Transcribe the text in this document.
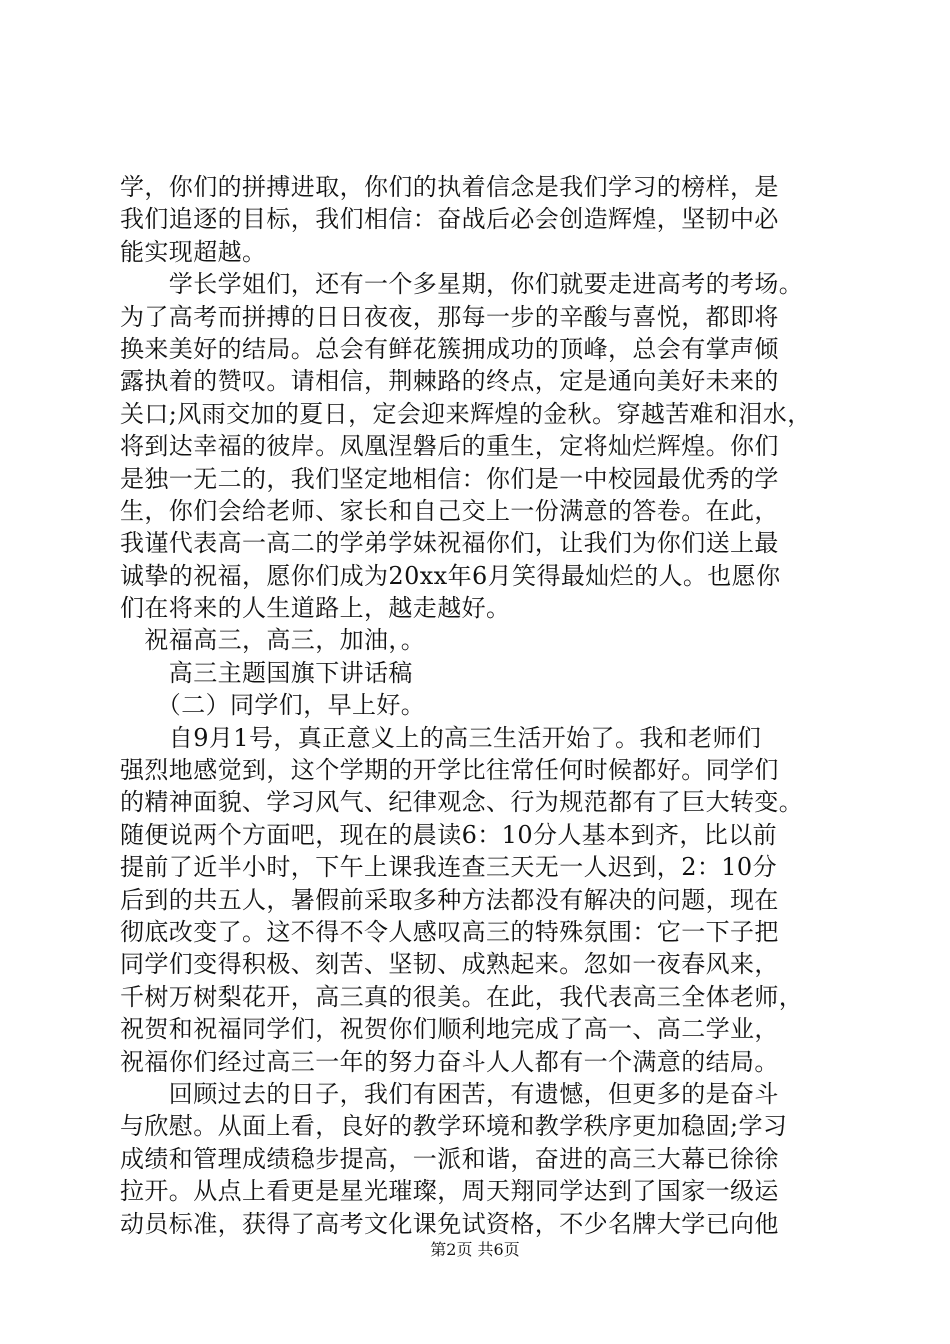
学，你们的拼搏进取，你们的执着信念是我们学习的榜样，是
我们追逐的目标，我们相信：奋战后必会创造辉煌，坚韧中必
能实现超越。
　　学长学姐们，还有一个多星期，你们就要走进高考的考场。
为了高考而拼搏的日日夜夜，那每一步的辛酸与喜悦，都即将
换来美好的结局。总会有鲜花簇拥成功的顶峰，总会有掌声倾
露执着的赞叹。请相信，荆棘路的终点，定是通向美好未来的
关口;风雨交加的夏日，定会迎来辉煌的金秋。穿越苦难和泪水，
将到达幸福的彼岸。凤凰涅磐后的重生，定将灿烂辉煌。你们
是独一无二的，我们坚定地相信：你们是一中校园最优秀的学
生，你们会给老师、家长和自己交上一份满意的答卷。在此，
我谨代表高一高二的学弟学妹祝福你们，让我们为你们送上最
诚挚的祝福，愿你们成为20xx年6月笑得最灿烂的人。也愿你
们在将来的人生道路上，越走越好。
　祝福高三，高三，加油，。
　　高三主题国旗下讲话稿
　　（二）同学们，早上好。
　　自9月1号，真正意义上的高三生活开始了。我和老师们
强烈地感觉到，这个学期的开学比往常任何时候都好。同学们
的精神面貌、学习风气、纪律观念、行为规范都有了巨大转变。
随便说两个方面吧，现在的晨读6：10分人基本到齐，比以前
提前了近半小时，下午上课我连查三天无一人迟到，2：10分
后到的共五人，暑假前采取多种方法都没有解决的问题，现在
彻底改变了。这不得不令人感叹高三的特殊氛围：它一下子把
同学们变得积极、刻苦、坚韧、成熟起来。忽如一夜春风来，
千树万树梨花开，高三真的很美。在此，我代表高三全体老师，
祝贺和祝福同学们，祝贺你们顺利地完成了高一、高二学业，
祝福你们经过高三一年的努力奋斗人人都有一个满意的结局。
　　回顾过去的日子，我们有困苦，有遗憾，但更多的是奋斗
与欣慰。从面上看，良好的教学环境和教学秩序更加稳固;学习
成绩和管理成绩稳步提高，一派和谐，奋进的高三大幕已徐徐
拉开。从点上看更是星光璀璨，周天翔同学达到了国家一级运
动员标准，获得了高考文化课免试资格，不少名牌大学已向他
第2页 共6页
